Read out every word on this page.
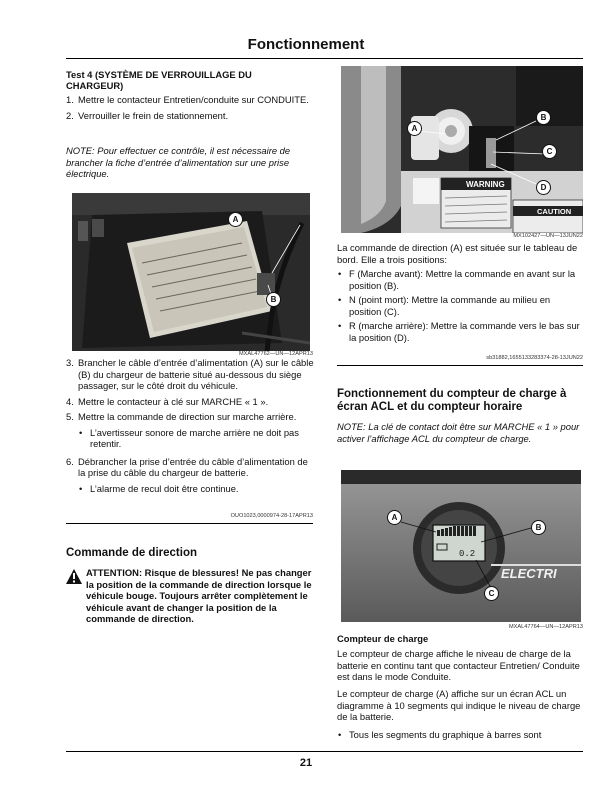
Fonctionnement
Test 4 (SYSTÈME DE VERROUILLAGE DU CHARGEUR)
1. Mettre le contacteur Entretien/conduite sur CONDUITE.
2. Verrouiller le frein de stationnement.
NOTE: Pour effectuer ce contrôle, il est nécessaire de brancher la fiche d’entrée d’alimentation sur une prise électrique.
A
B
MXAL47762—UN—12APR13
3. Brancher le câble d’entrée d’alimentation (A) sur le câble (B) du chargeur de batterie situé au-dessous du siège passager, sur le côté droit du véhicule.
4. Mettre le contacteur à clé sur MARCHE « 1 ».
5. Mettre la commande de direction sur marche arrière.
• L’avertisseur sonore de marche arrière ne doit pas retentir.
6. Débrancher la prise d’entrée du câble d’alimentation de la prise du câble du chargeur de batterie.
• L’alarme de recul doit être continue.
OUO1023,0000974-28-17APR13
Commande de direction
ATTENTION: Risque de blessures! Ne pas changer la position de la commande de direction lorsque le véhicule bouge. Toujours arrêter complètement le véhicule avant de changer la position de la commande de direction.
WARNING
CAUTION
A
B
C
D
MX102427—UN—13JUN22
La commande de direction (A) est située sur le tableau de bord. Elle a trois positions:
• F (Marche avant): Mettre la commande en avant sur la position (B).
• N (point mort): Mettre la commande au milieu en position (C).
• R (marche arrière): Mettre la commande vers le bas sur la position (D).
sb31882,1655133283374-28-13JUN22
Fonctionnement du compteur de charge à écran ACL et du compteur horaire
NOTE: La clé de contact doit être sur MARCHE « 1 » pour activer l’affichage ACL du compteur de charge.
0.2
ELECTRI
A
B
C
MXAL47764—UN—12APR13
Compteur de charge
Le compteur de charge affiche le niveau de charge de la batterie en continu tant que contacteur Entretien/ Conduite est dans le mode Conduite.
Le compteur de charge (A) affiche sur un écran ACL un diagramme à 10 segments qui indique le niveau de charge de la batterie.
• Tous les segments du graphique à barres sont
21
